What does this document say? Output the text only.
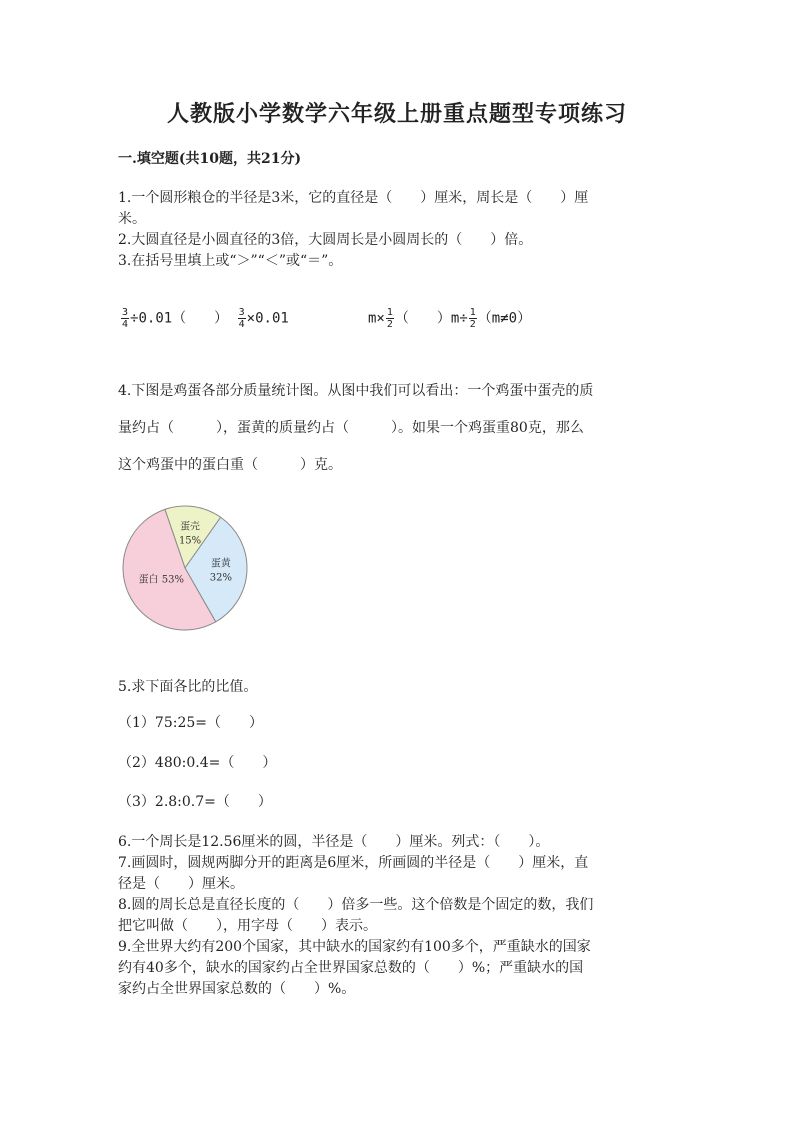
人教版小学数学六年级上册重点题型专项练习
一.填空题(共10题，共21分)
1.一个圆形粮仓的半径是3米，它的直径是（　　）厘米，周长是（　　）厘
米。
2.大圆直径是小圆直径的3倍，大圆周长是小圆周长的（　　）倍。
3.在括号里填上或“＞”“＜”或“＝”。
$\frac{3}{4} \div 0.01$（　　） $\frac{3}{4} \times 0.01$	$m\times \frac{1}{2}$ （　　）$m\div \frac{1}{2} (m\ne 0)$
4.下图是鸡蛋各部分质量统计图。从图中我们可以看出：一个鸡蛋中蛋壳的质
量约占（　　　），蛋黄的质量约占（　　　）。如果一个鸡蛋重80克，那么
这个鸡蛋中的蛋白重（　　　）克。
蛋壳
15%
蛋黄
32%
蛋白 53%
5.求下面各比的比值。
（1）75:25=（　　）
（2）480:0.4=（　　）
（3）2.8:0.7=（　　）
6.一个周长是12.56厘米的圆，半径是（　　）厘米。列式：（　　）。
7.画圆时，圆规两脚分开的距离是6厘米，所画圆的半径是（　　）厘米，直
径是（　　）厘米。
8.圆的周长总是直径长度的（　　）倍多一些。这个倍数是个固定的数，我们
把它叫做（　　），用字母（　　）表示。
9.全世界大约有200个国家，其中缺水的国家约有100多个，严重缺水的国家
约有40多个，缺水的国家约占全世界国家总数的（　　）%；严重缺水的国
家约占全世界国家总数的（　　）%。
